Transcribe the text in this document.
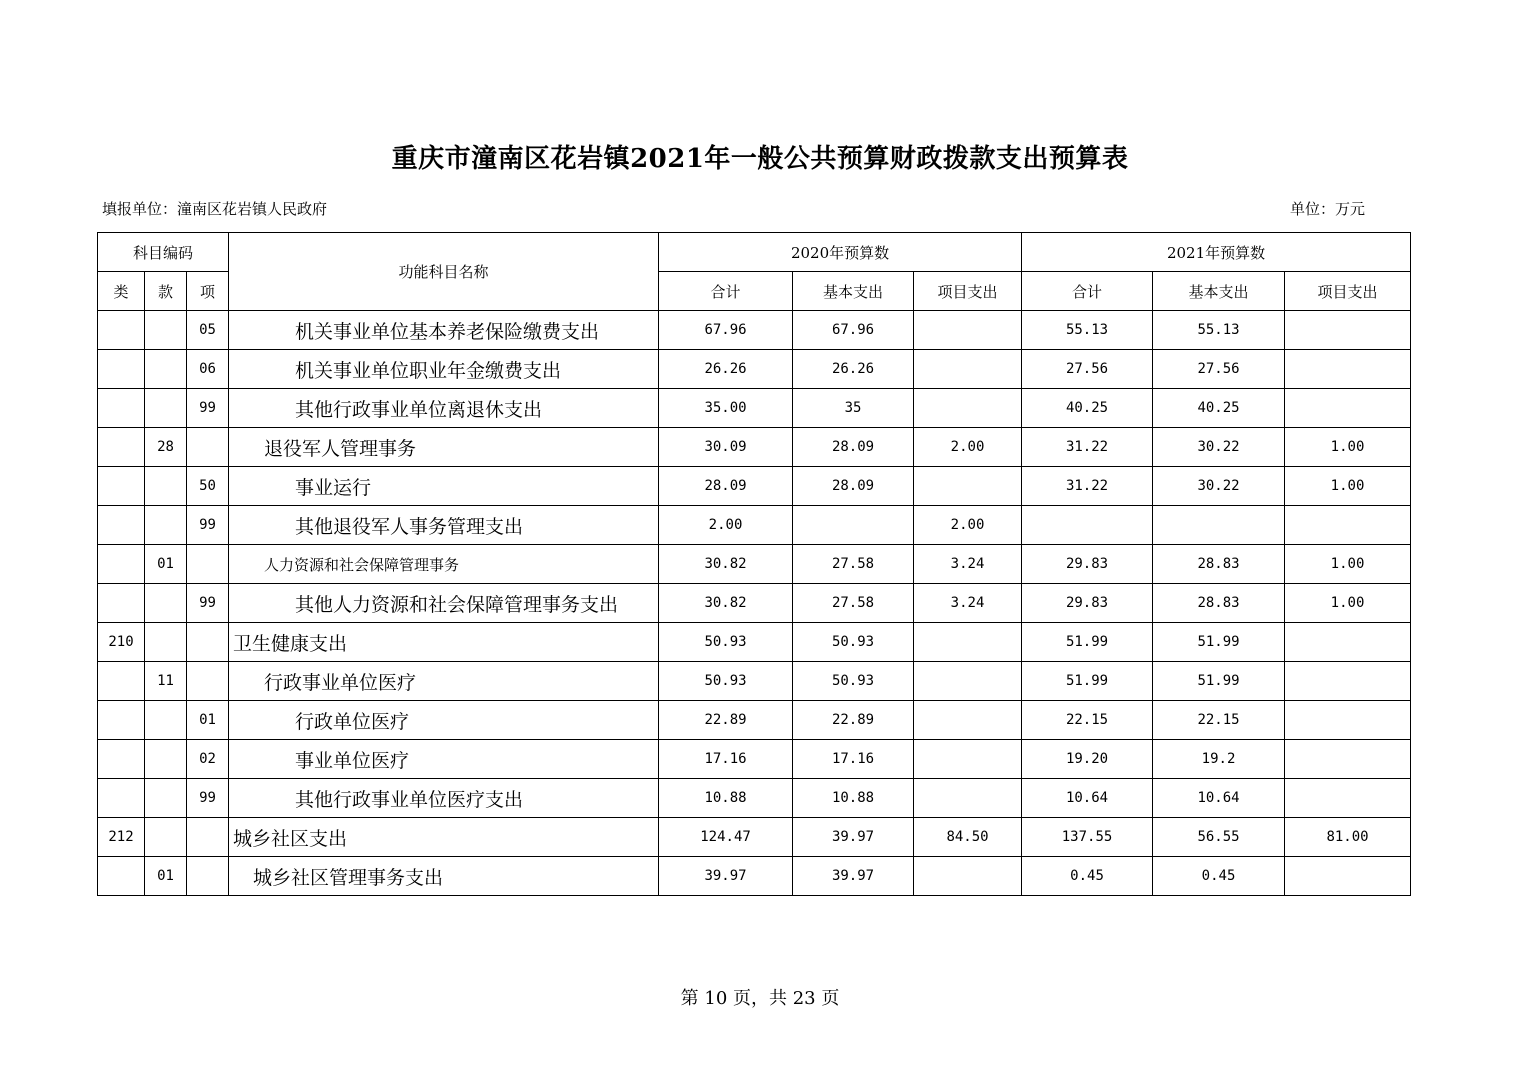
重庆市潼南区花岩镇2021年一般公共预算财政拨款支出预算表
填报单位：潼南区花岩镇人民政府	单位：万元
科目编码			功能科目名称	2020年预算数			2021年预算数		
类	款	项		合计	基本支出	项目支出	合计	基本支出	项目支出
		05	机关事业单位基本养老保险缴费支出	67.96	67.96		55.13	55.13	
		06	机关事业单位职业年金缴费支出	26.26	26.26		27.56	27.56	
		99	其他行政事业单位离退休支出	35.00	35		40.25	40.25	
	28		退役军人管理事务	30.09	28.09	2.00	31.22	30.22	1.00
		50	事业运行	28.09	28.09		31.22	30.22	1.00
		99	其他退役军人事务管理支出	2.00		2.00			
	01		人力资源和社会保障管理事务	30.82	27.58	3.24	29.83	28.83	1.00
		99	其他人力资源和社会保障管理事务支出	30.82	27.58	3.24	29.83	28.83	1.00
210			卫生健康支出	50.93	50.93		51.99	51.99	
	11		行政事业单位医疗	50.93	50.93		51.99	51.99	
		01	行政单位医疗	22.89	22.89		22.15	22.15	
		02	事业单位医疗	17.16	17.16		19.20	19.2	
		99	其他行政事业单位医疗支出	10.88	10.88		10.64	10.64	
212			城乡社区支出	124.47	39.97	84.50	137.55	56.55	81.00
	01		城乡社区管理事务支出	39.97	39.97		0.45	0.45	
第 10 页，共 23 页
